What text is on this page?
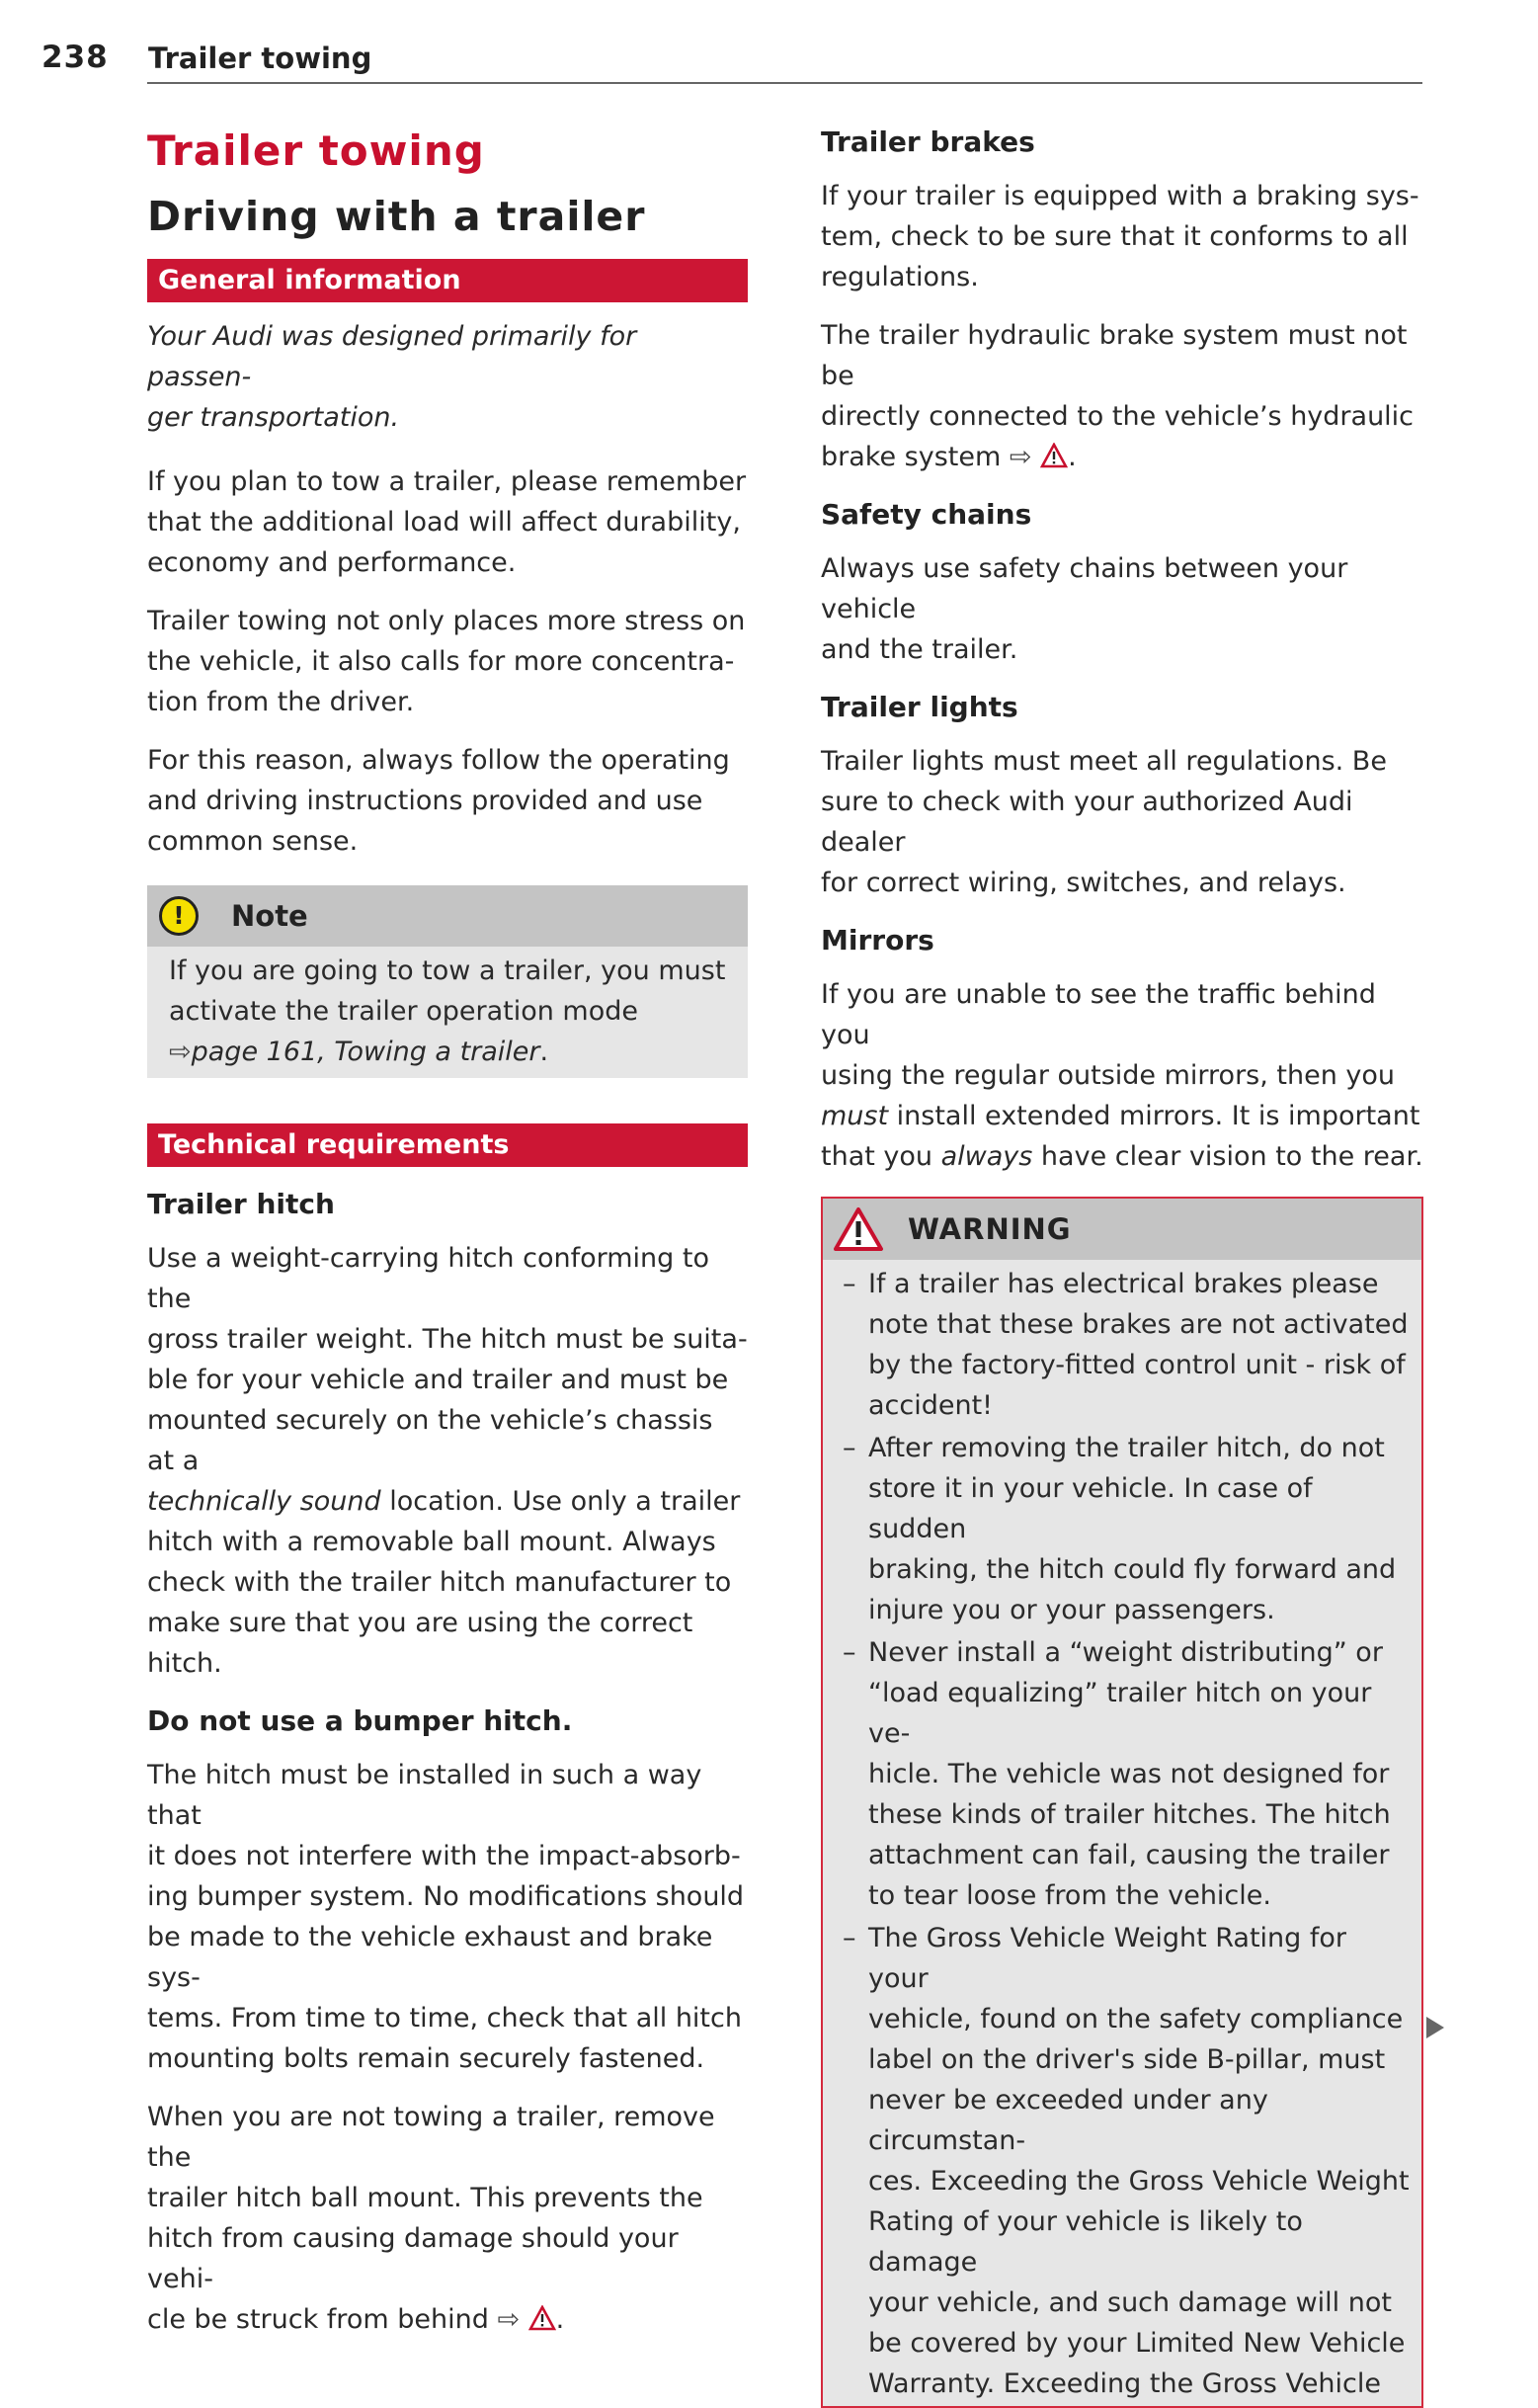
238 Trailer towing
Trailer towing
Driving with a trailer
General information

Your Audi was designed primarily for passen-
ger transportation.

If you plan to tow a trailer, please remember
that the additional load will affect durability,
economy and performance.

Trailer towing not only places more stress on
the vehicle, it also calls for more concentra-
tion from the driver.

For this reason, always follow the operating
and driving instructions provided and use
common sense.

!	Note

If you are going to tow a trailer, you must
activate the trailer operation mode
⇨page 161, Towing a trailer.

Technical requirements
Trailer hitch

Use a weight-carrying hitch conforming to the
gross trailer weight. The hitch must be suita-
ble for your vehicle and trailer and must be
mounted securely on the vehicle’s chassis at a
technically sound location. Use only a trailer
hitch with a removable ball mount. Always
check with the trailer hitch manufacturer to
make sure that you are using the correct
hitch.

Do not use a bumper hitch.

The hitch must be installed in such a way that
it does not interfere with the impact-absorb-
ing bumper system. No modifications should
be made to the vehicle exhaust and brake sys-
tems. From time to time, check that all hitch
mounting bolts remain securely fastened.

When you are not towing a trailer, remove the
trailer hitch ball mount. This prevents the
hitch from causing damage should your vehi-
cle be struck from behind ⇨ .

Trailer brakes

If your trailer is equipped with a braking sys-
tem, check to be sure that it conforms to all
regulations.

The trailer hydraulic brake system must not be
directly connected to the vehicle’s hydraulic
brake system ⇨ .

Safety chains

Always use safety chains between your vehicle
and the trailer.

Trailer lights

Trailer lights must meet all regulations. Be
sure to check with your authorized Audi dealer
for correct wiring, switches, and relays.

Mirrors

If you are unable to see the traffic behind you
using the regular outside mirrors, then you
must install extended mirrors. It is important
that you always have clear vision to the rear.

WARNING

– If a trailer has electrical brakes please
note that these brakes are not activated
by the factory-fitted control unit - risk of
accident!

– After removing the trailer hitch, do not
store it in your vehicle. In case of sudden
braking, the hitch could fly forward and
injure you or your passengers.

– Never install a “weight distributing” or
“load equalizing” trailer hitch on your ve-
hicle. The vehicle was not designed for
these kinds of trailer hitches. The hitch
attachment can fail, causing the trailer
to tear loose from the vehicle.

– The Gross Vehicle Weight Rating for your
vehicle, found on the safety compliance
label on the driver's side B-pillar, must
never be exceeded under any circumstan-
ces. Exceeding the Gross Vehicle Weight
Rating of your vehicle is likely to damage
your vehicle, and such damage will not
be covered by your Limited New Vehicle
Warranty. Exceeding the Gross Vehicle
